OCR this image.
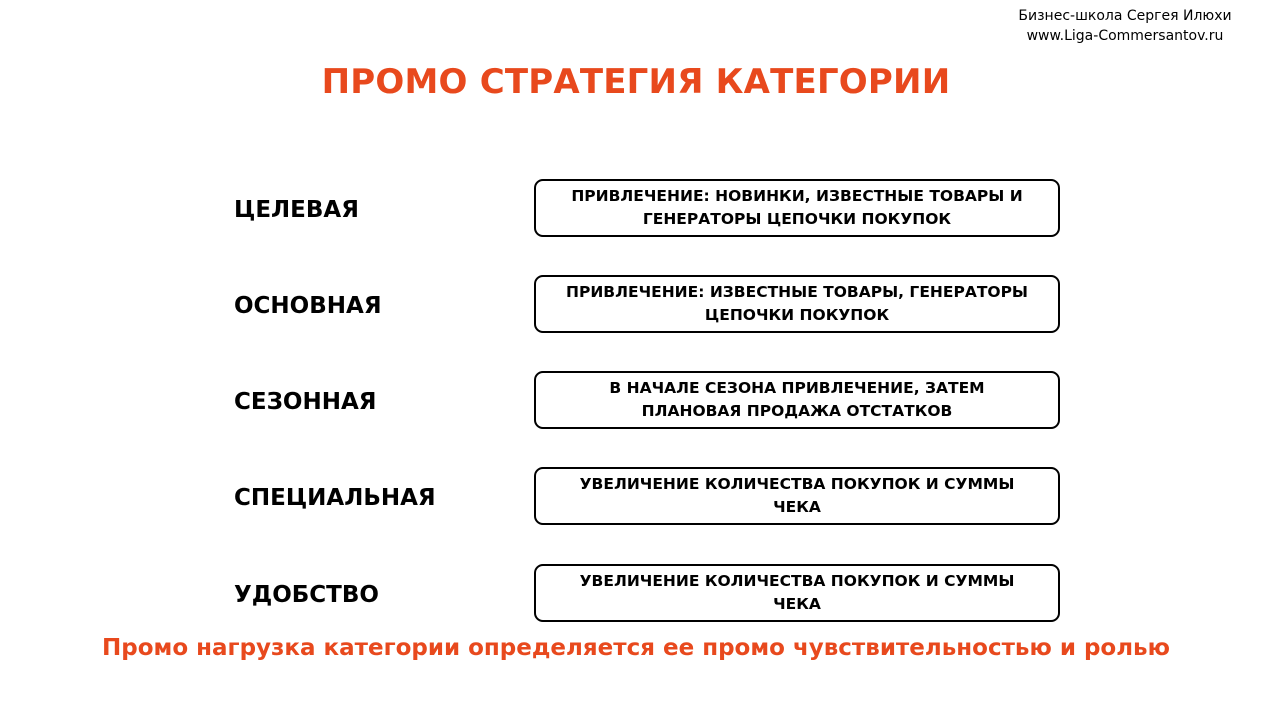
Бизнес-школа Сергея Илюхи
www.Liga-Commersantov.ru
ПРОМО СТРАТЕГИЯ КАТЕГОРИИ
ЦЕЛЕВАЯ
ПРИВЛЕЧЕНИЕ: НОВИНКИ, ИЗВЕСТНЫЕ ТОВАРЫ И
ГЕНЕРАТОРЫ ЦЕПОЧКИ ПОКУПОК
ОСНОВНАЯ
ПРИВЛЕЧЕНИЕ: ИЗВЕСТНЫЕ ТОВАРЫ, ГЕНЕРАТОРЫ
ЦЕПОЧКИ ПОКУПОК
СЕЗОННАЯ
В НАЧАЛЕ СЕЗОНА ПРИВЛЕЧЕНИЕ, ЗАТЕМ
ПЛАНОВАЯ ПРОДАЖА ОТСТАТКОВ
СПЕЦИАЛЬНАЯ
УВЕЛИЧЕНИЕ КОЛИЧЕСТВА ПОКУПОК И СУММЫ
ЧЕКА
УДОБСТВО
УВЕЛИЧЕНИЕ КОЛИЧЕСТВА ПОКУПОК И СУММЫ
ЧЕКА
Промо нагрузка категории определяется ее промо чувствительностью и ролью
